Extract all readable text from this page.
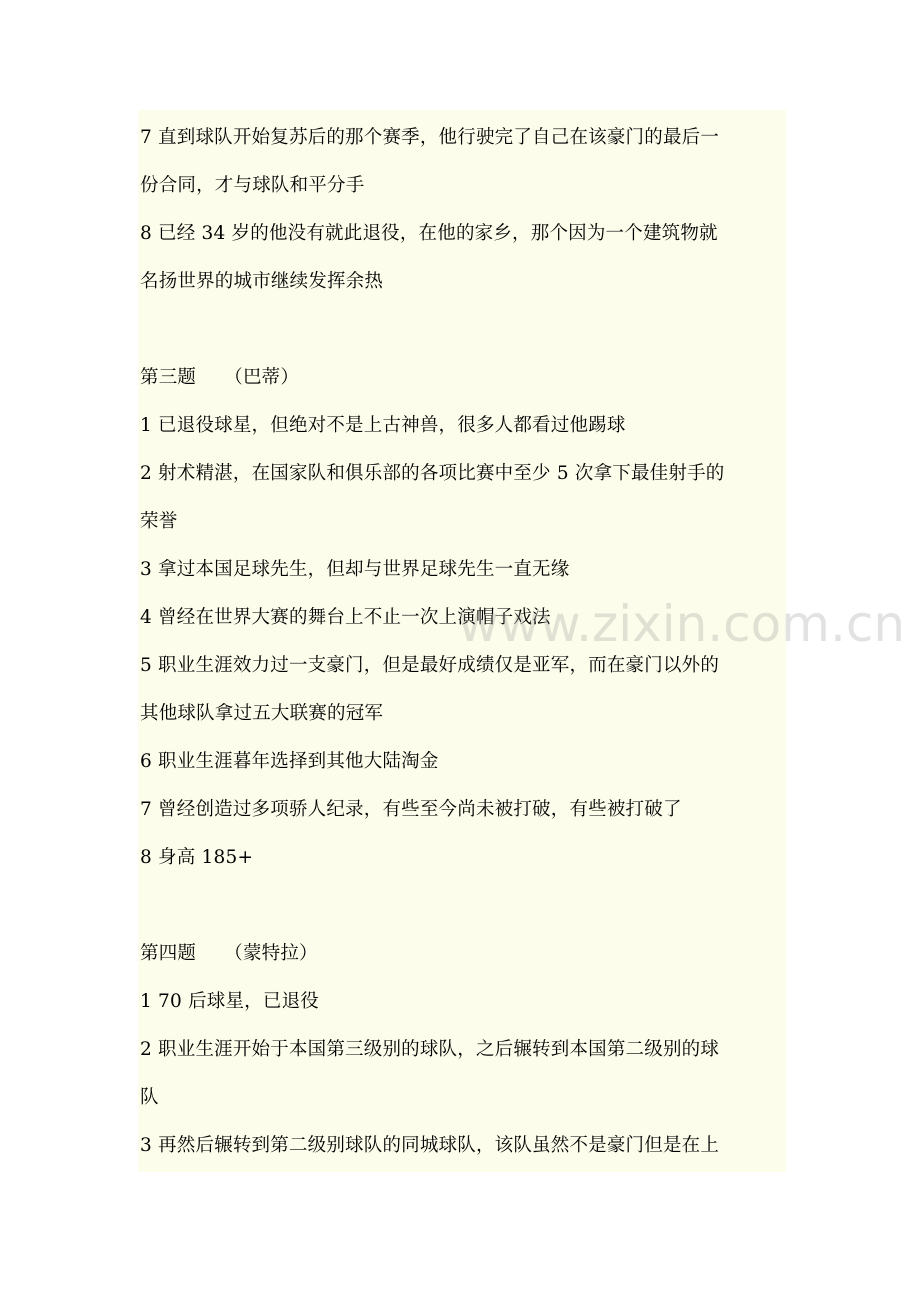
7 直到球队开始复苏后的那个赛季，他行驶完了自己在该豪门的最后一
份合同，才与球队和平分手
8 已经 34 岁的他没有就此退役，在他的家乡，那个因为一个建筑物就
名扬世界的城市继续发挥余热
第三题　　（巴蒂）
1 已退役球星，但绝对不是上古神兽，很多人都看过他踢球
2 射术精湛，在国家队和俱乐部的各项比赛中至少 5 次拿下最佳射手的
荣誉
3 拿过本国足球先生，但却与世界足球先生一直无缘
4 曾经在世界大赛的舞台上不止一次上演帽子戏法
5 职业生涯效力过一支豪门，但是最好成绩仅是亚军，而在豪门以外的
其他球队拿过五大联赛的冠军
6 职业生涯暮年选择到其他大陆淘金
7 曾经创造过多项骄人纪录，有些至今尚未被打破，有些被打破了
8 身高 185+
第四题　　（蒙特拉）
1 70 后球星，已退役
2 职业生涯开始于本国第三级别的球队，之后辗转到本国第二级别的球
队
3 再然后辗转到第二级别球队的同城球队，该队虽然不是豪门但是在上
www.zixin.com.cn
